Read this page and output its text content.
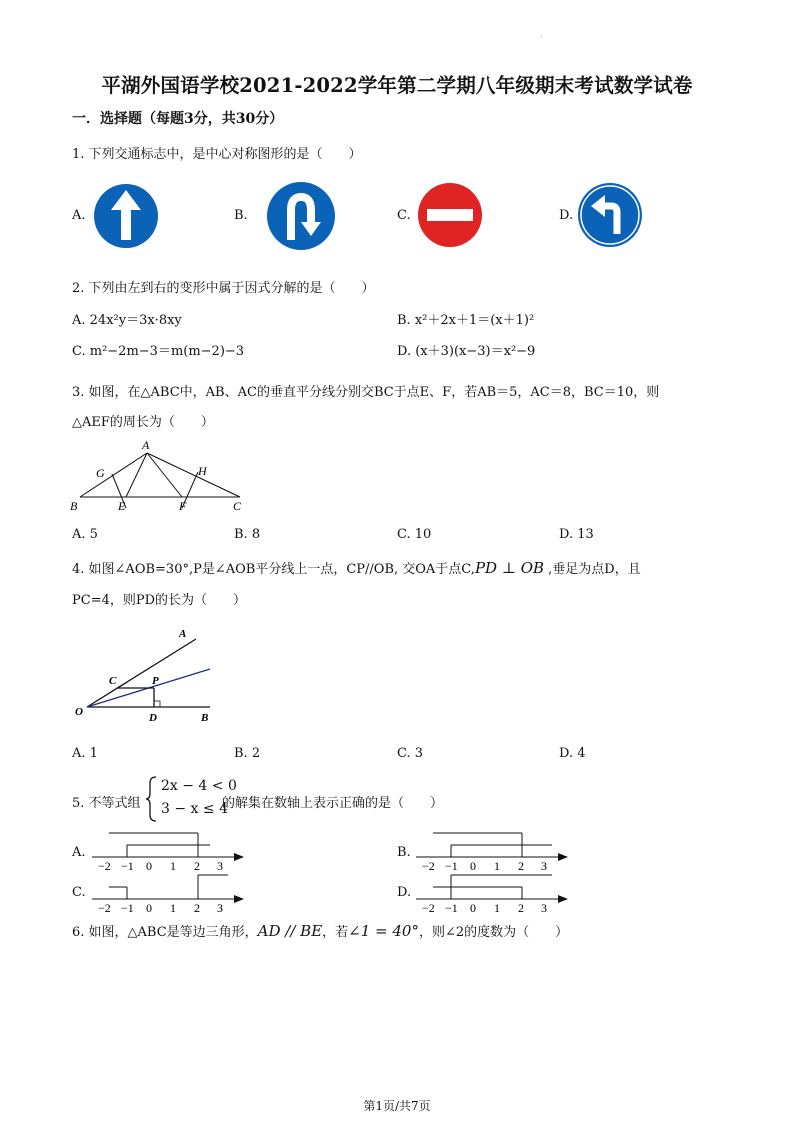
.
平湖外国语学校2021-2022学年第二学期八年级期末考试数学试卷
一．选择题（每题3分，共30分）
1. 下列交通标志中，是中心对称图形的是（　　）
A.	B.	C.	D.
2. 下列由左到右的变形中属于因式分解的是（　　）
A. 24x²y＝3x·8xy	B. x²＋2x＋1＝(x＋1)²
C. m²−2m−3＝m(m−2)−3	D. (x＋3)(x−3)＝x²−9
3. 如图，在△ABC中，AB、AC的垂直平分线分别交BC于点E、F，若AB＝5，AC＝8，BC＝10，则
△AEF的周长为（　　）
A
B	C
E	F
G	H
A. 5	B. 8	C. 10	D. 13
4. 如图∠AOB=30°,P是∠AOB平分线上一点，CP//OB, 交OA于点C,PD ⊥ OB ,垂足为点D，且
PC=4，则PD的长为（　　）
A
C	P
O	D	B
A. 1	B. 2	C. 3	D. 4
5. 不等式组
2x − 4 < 0
3 − x ≤ 4
的解集在数轴上表示正确的是（　　）
A.
−2 −1 0 1 2 3
B.
−2 −1 0 1 2 3
C.
−2 −1 0 1 2 3
D.
−2 −1 0 1 2 3
6. 如图，△ABC是等边三角形，AD // BE，若∠1 = 40°，则∠2的度数为（　　）
第1页/共7页
